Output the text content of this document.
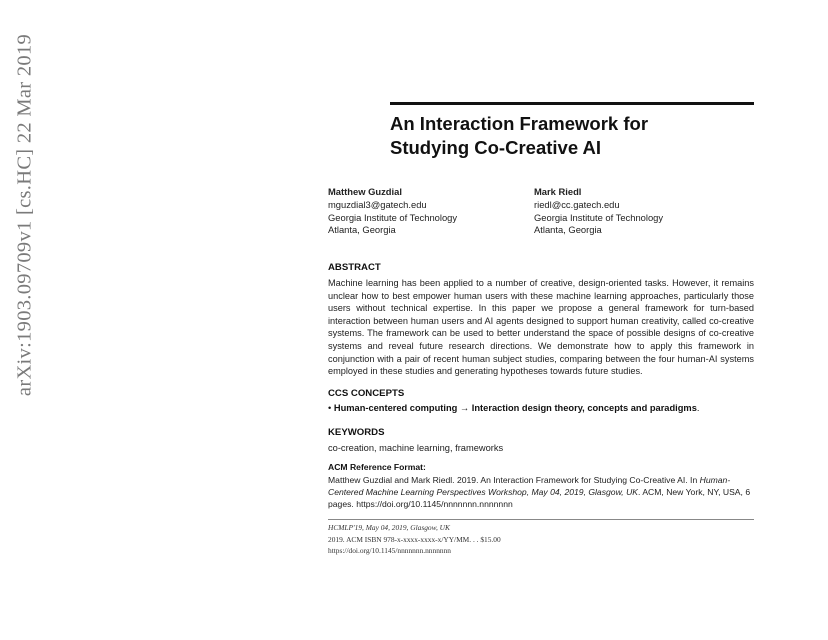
arXiv:1903.09709v1 [cs.HC] 22 Mar 2019	An Interaction Framework for
Studying Co-Creative AI
Matthew Guzdial
mguzdial3@gatech.edu
Georgia Institute of Technology
Atlanta, Georgia
Mark Riedl
riedl@cc.gatech.edu
Georgia Institute of Technology
Atlanta, Georgia
ABSTRACT
Machine learning has been applied to a number of creative, design-oriented tasks. However, it remains unclear how to best empower human users with these machine learning approaches, particularly those users without technical expertise. In this paper we propose a general framework for turn-based interaction between human users and AI agents designed to support human creativity, called co-creative systems. The framework can be used to better understand the space of possible designs of co-creative systems and reveal future research directions. We demonstrate how to apply this framework in conjunction with a pair of recent human subject studies, comparing between the four human-AI systems employed in these studies and generating hypotheses towards future studies.
CCS CONCEPTS
• Human-centered computing → Interaction design theory, concepts and paradigms.
KEYWORDS
co-creation, machine learning, frameworks
ACM Reference Format:
Matthew Guzdial and Mark Riedl. 2019. An Interaction Framework for Studying Co-Creative AI. In Human-Centered Machine Learning Perspectives Workshop, May 04, 2019, Glasgow, UK. ACM, New York, NY, USA, 6 pages. https://doi.org/10.1145/nnnnnnn.nnnnnnn
HCMLP'19, May 04, 2019, Glasgow, UK
2019. ACM ISBN 978-x-xxxx-xxxx-x/YY/MM. . . $15.00
https://doi.org/10.1145/nnnnnnn.nnnnnnn
